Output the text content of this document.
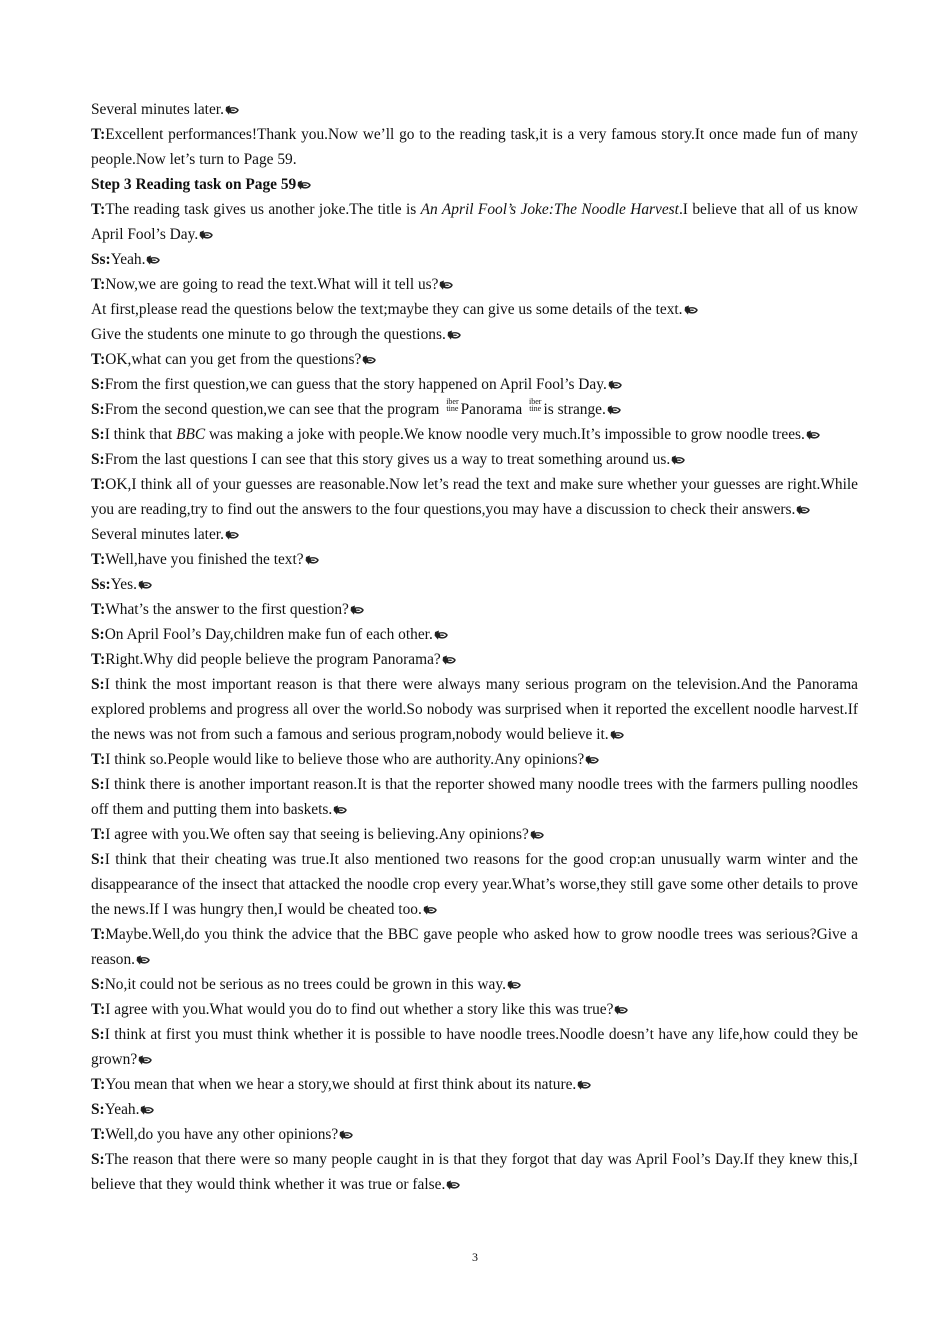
Several minutes later.

T:Excellent performances!Thank you.Now we’ll go to the reading task,it is a very famous story.It once made fun of many people.Now let’s turn to Page 59.

Step 3 Reading task on Page 59

T:The reading task gives us another joke.The title is An April Fool’s Joke:The Noodle Harvest.I believe that all of us know April Fool’s Day.

Ss:Yeah.

T:Now,we are going to read the text.What will it tell us?

At first,please read the questions below the text;maybe they can give us some details of the text.

Give the students one minute to go through the questions.

T:OK,what can you get from the questions?

S:From the first question,we can guess that the story happened on April Fool’s Day.

S:From the second question,we can see that the program iber
tine Panorama iber
tine is strange.

S:I think that BBC was making a joke with people.We know noodle very much.It’s impossible to grow noodle trees.

S:From the last questions I can see that this story gives us a way to treat something around us.

T:OK,I think all of your guesses are reasonable.Now let’s read the text and make sure whether your guesses are right.While you are reading,try to find out the answers to the four questions,you may have a discussion to check their answers.

Several minutes later.

T:Well,have you finished the text?

Ss:Yes.

T:What’s the answer to the first question?

S:On April Fool’s Day,children make fun of each other.

T:Right.Why did people believe the program Panorama?

S:I think the most important reason is that there were always many serious program on the television.And the Panorama explored problems and progress all over the world.So nobody was surprised when it reported the excellent noodle harvest.If the news was not from such a famous and serious program,nobody would believe it.

T:I think so.People would like to believe those who are authority.Any opinions?

S:I think there is another important reason.It is that the reporter showed many noodle trees with the farmers pulling noodles off them and putting them into baskets.

T:I agree with you.We often say that seeing is believing.Any opinions?

S:I think that their cheating was true.It also mentioned two reasons for the good crop:an unusually warm winter and the disappearance of the insect that attacked the noodle crop every year.What’s worse,they still gave some other details to prove the news.If I was hungry then,I would be cheated too.

T:Maybe.Well,do you think the advice that the BBC gave people who asked how to grow noodle trees was serious?Give a reason.

S:No,it could not be serious as no trees could be grown in this way.

T:I agree with you.What would you do to find out whether a story like this was true?

S:I think at first you must think whether it is possible to have noodle trees.Noodle doesn’t have any life,how could they be grown?

T:You mean that when we hear a story,we should at first think about its nature.

S:Yeah.

T:Well,do you have any other opinions?

S:The reason that there were so many people caught in is that they forgot that day was April Fool’s Day.If they knew this,I believe that they would think whether it was true or false.

3
